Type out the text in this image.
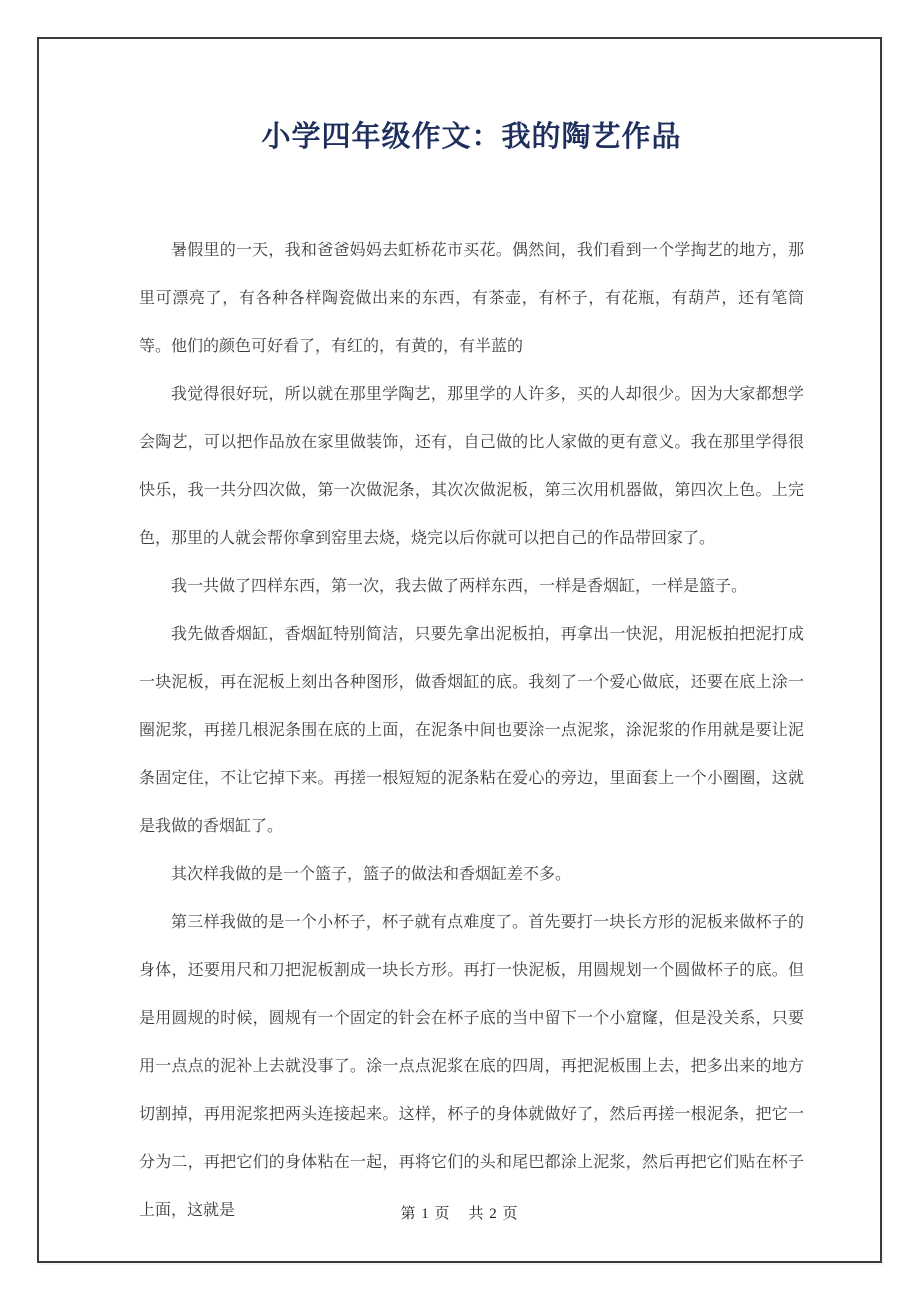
小学四年级作文：我的陶艺作品

暑假里的一天，我和爸爸妈妈去虹桥花市买花。偶然间，我们看到一个学掏艺的地方，那里可漂亮了，有各种各样陶瓷做出来的东西，有茶壶，有杯子，有花瓶，有葫芦，还有笔筒等。他们的颜色可好看了，有红的，有黄的，有半蓝的

我觉得很好玩，所以就在那里学陶艺，那里学的人许多，买的人却很少。因为大家都想学会陶艺，可以把作品放在家里做装饰，还有，自己做的比人家做的更有意义。我在那里学得很快乐，我一共分四次做，第一次做泥条，其次次做泥板，第三次用机器做，第四次上色。上完色，那里的人就会帮你拿到窑里去烧，烧完以后你就可以把自己的作品带回家了。

我一共做了四样东西，第一次，我去做了两样东西，一样是香烟缸，一样是篮子。

我先做香烟缸，香烟缸特别简洁，只要先拿出泥板拍，再拿出一快泥，用泥板拍把泥打成一块泥板，再在泥板上刻出各种图形，做香烟缸的底。我刻了一个爱心做底，还要在底上涂一圈泥浆，再搓几根泥条围在底的上面，在泥条中间也要涂一点泥浆，涂泥浆的作用就是要让泥条固定住，不让它掉下来。再搓一根短短的泥条粘在爱心的旁边，里面套上一个小圈圈，这就是我做的香烟缸了。

其次样我做的是一个篮子，篮子的做法和香烟缸差不多。

第三样我做的是一个小杯子，杯子就有点难度了。首先要打一块长方形的泥板来做杯子的身体，还要用尺和刀把泥板割成一块长方形。再打一快泥板，用圆规划一个圆做杯子的底。但是用圆规的时候，圆规有一个固定的针会在杯子底的当中留下一个小窟窿，但是没关系，只要用一点点的泥补上去就没事了。涂一点点泥浆在底的四周，再把泥板围上去，把多出来的地方切割掉，再用泥浆把两头连接起来。这样，杯子的身体就做好了，然后再搓一根泥条，把它一分为二，再把它们的身体粘在一起，再将它们的头和尾巴都涂上泥浆，然后再把它们贴在杯子上面，这就是	第 1 页 共 2 页
